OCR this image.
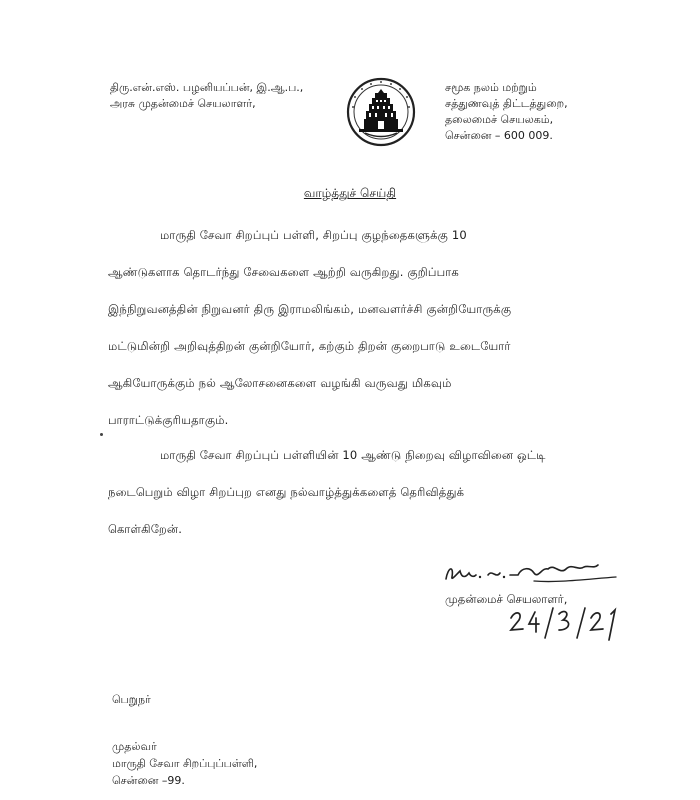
திரு.என்.எஸ். பழனியப்பன், இ.ஆ.ப.,
அரசு முதன்மைச் செயலாளர்,
சமூக நலம் மற்றும்
சத்துணவுத் திட்டத்துறை,
தலைமைச் செயலகம்,
சென்னை – 600 009.
வாழ்த்துச் செய்தி
மாருதி சேவா சிறப்புப் பள்ளி, சிறப்பு குழந்தைகளுக்கு 10
ஆண்டுகளாக தொடர்ந்து சேவைகளை ஆற்றி வருகிறது. குறிப்பாக
இந்நிறுவனத்தின் நிறுவனர் திரு இராமலிங்கம், மனவளர்ச்சி குன்றியோருக்கு
மட்டுமின்றி அறிவுத்திறன் குன்றியோர், கற்கும் திறன் குறைபாடு உடையோர்
ஆகியோருக்கும் நல் ஆலோசனைகளை வழங்கி வருவது மிகவும்
பாராட்டுக்குரியதாகும்.
மாருதி சேவா சிறப்புப் பள்ளியின் 10 ஆண்டு நிறைவு விழாவினை ஒட்டி
நடைபெறும் விழா சிறப்புற எனது நல்வாழ்த்துக்களைத் தெரிவித்துக்
கொள்கிறேன்.
முதன்மைச் செயலாளர்,
பெறுநர்
முதல்வர்
மாருதி சேவா சிறப்புப்பள்ளி,
சென்னை –99.
